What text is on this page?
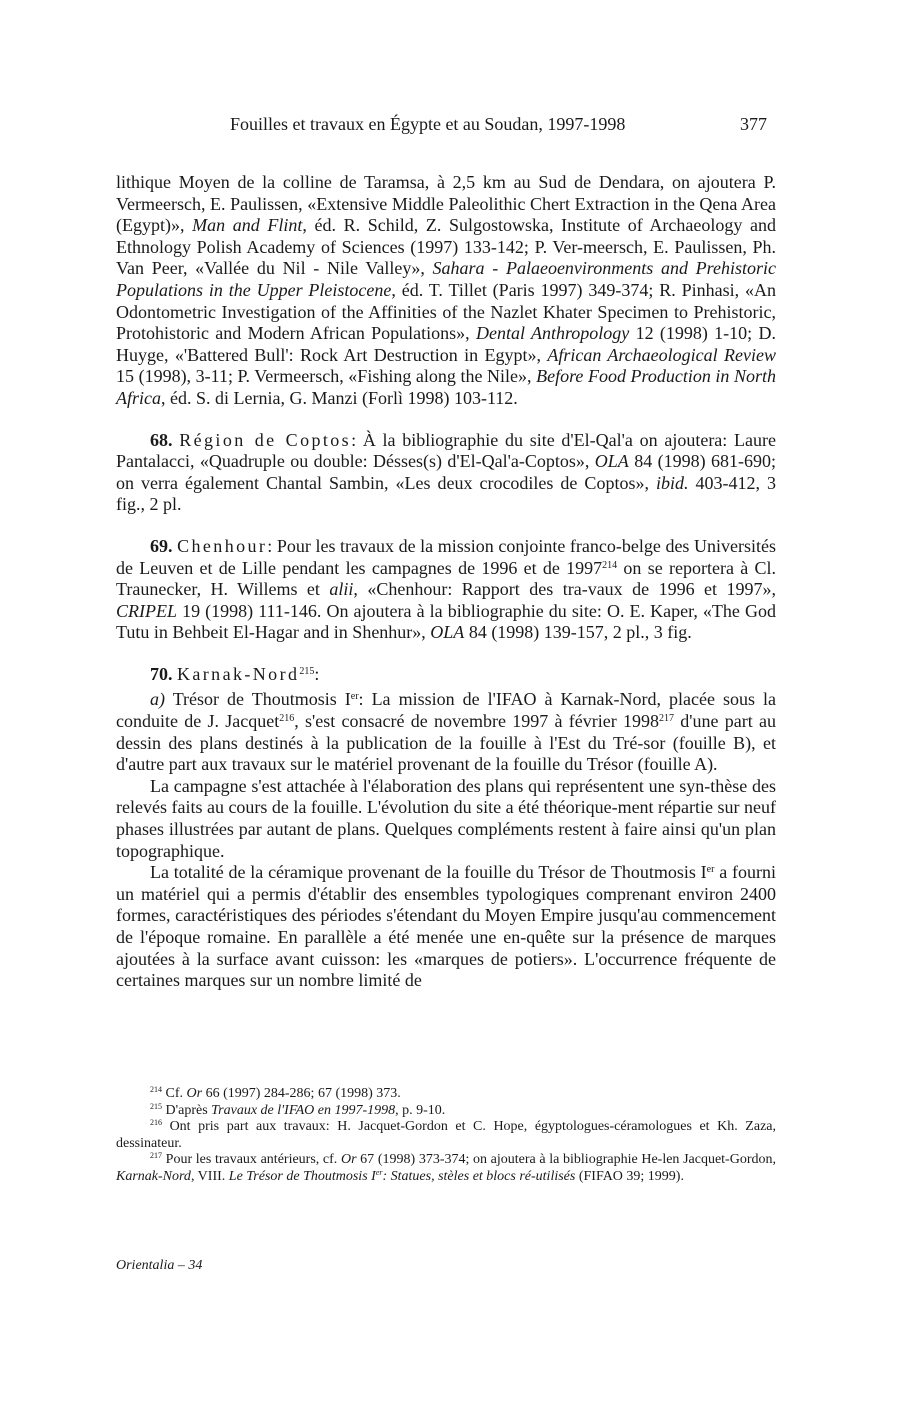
Fouilles et travaux en Égypte et au Soudan, 1997-1998	377

lithique Moyen de la colline de Taramsa, à 2,5 km au Sud de Dendara, on ajoutera P. Vermeersch, E. Paulissen, «Extensive Middle Paleolithic Chert Extraction in the Qena Area (Egypt)», Man and Flint, éd. R. Schild, Z. Sulgostowska, Institute of Archaeology and Ethnology Polish Academy of Sciences (1997) 133-142; P. Ver-meersch, E. Paulissen, Ph. Van Peer, «Vallée du Nil - Nile Valley», Sahara - Palaeoenvironments and Prehistoric Populations in the Upper Pleistocene, éd. T. Tillet (Paris 1997) 349-374; R. Pinhasi, «An Odontometric Investigation of the Affinities of the Nazlet Khater Specimen to Prehistoric, Protohistoric and Modern African Populations», Dental Anthropology 12 (1998) 1-10; D. Huyge, «'Battered Bull': Rock Art Destruction in Egypt», African Archaeological Review 15 (1998), 3-11; P. Vermeersch, «Fishing along the Nile», Before Food Production in North Africa, éd. S. di Lernia, G. Manzi (Forlì 1998) 103-112.

68. Région de Coptos: À la bibliographie du site d'El-Qal'a on ajoutera: Laure Pantalacci, «Quadruple ou double: Désses(s) d'El-Qal'a-Coptos», OLA 84 (1998) 681-690; on verra également Chantal Sambin, «Les deux crocodiles de Coptos», ibid. 403-412, 3 fig., 2 pl.

69. Chenhour: Pour les travaux de la mission conjointe franco-belge des Universités de Leuven et de Lille pendant les campagnes de 1996 et de 1997$^{214}$ on se reportera à Cl. Traunecker, H. Willems et alii, «Chenhour: Rapport des tra-vaux de 1996 et 1997», CRIPEL 19 (1998) 111-146. On ajoutera à la bibliographie du site: O. E. Kaper, «The God Tutu in Behbeit El-Hagar and in Shenhur», OLA 84 (1998) 139-157, 2 pl., 3 fig.

70. Karnak-Nord$^{215}$:

a) Trésor de Thoutmosis Ier: La mission de l'IFAO à Karnak-Nord, placée sous la conduite de J. Jacquet$^{216}$, s'est consacré de novembre 1997 à février 1998$^{217}$ d'une part au dessin des plans destinés à la publication de la fouille à l'Est du Tré-sor (fouille B), et d'autre part aux travaux sur le matériel provenant de la fouille du Trésor (fouille A).

La campagne s'est attachée à l'élaboration des plans qui représentent une syn-thèse des relevés faits au cours de la fouille. L'évolution du site a été théorique-ment répartie sur neuf phases illustrées par autant de plans. Quelques compléments restent à faire ainsi qu'un plan topographique.

La totalité de la céramique provenant de la fouille du Trésor de Thoutmosis Ier a fourni un matériel qui a permis d'établir des ensembles typologiques comprenant environ 2400 formes, caractéristiques des périodes s'étendant du Moyen Empire jusqu'au commencement de l'époque romaine. En parallèle a été menée une en-quête sur la présence de marques ajoutées à la surface avant cuisson: les «marques de potiers». L'occurrence fréquente de certaines marques sur un nombre limité de

$^{214}$ Cf. Or 66 (1997) 284-286; 67 (1998) 373.

$^{215}$ D'après Travaux de l'IFAO en 1997-1998, p. 9-10.

$^{216}$ Ont pris part aux travaux: H. Jacquet-Gordon et C. Hope, égyptologues-céramologues et Kh. Zaza, dessinateur.

$^{217}$ Pour les travaux antérieurs, cf. Or 67 (1998) 373-374; on ajoutera à la bibliographie He-len Jacquet-Gordon, Karnak-Nord, VIII. Le Trésor de Thoutmosis Ier: Statues, stèles et blocs ré-utilisés (FIFAO 39; 1999).

Orientalia – 34
